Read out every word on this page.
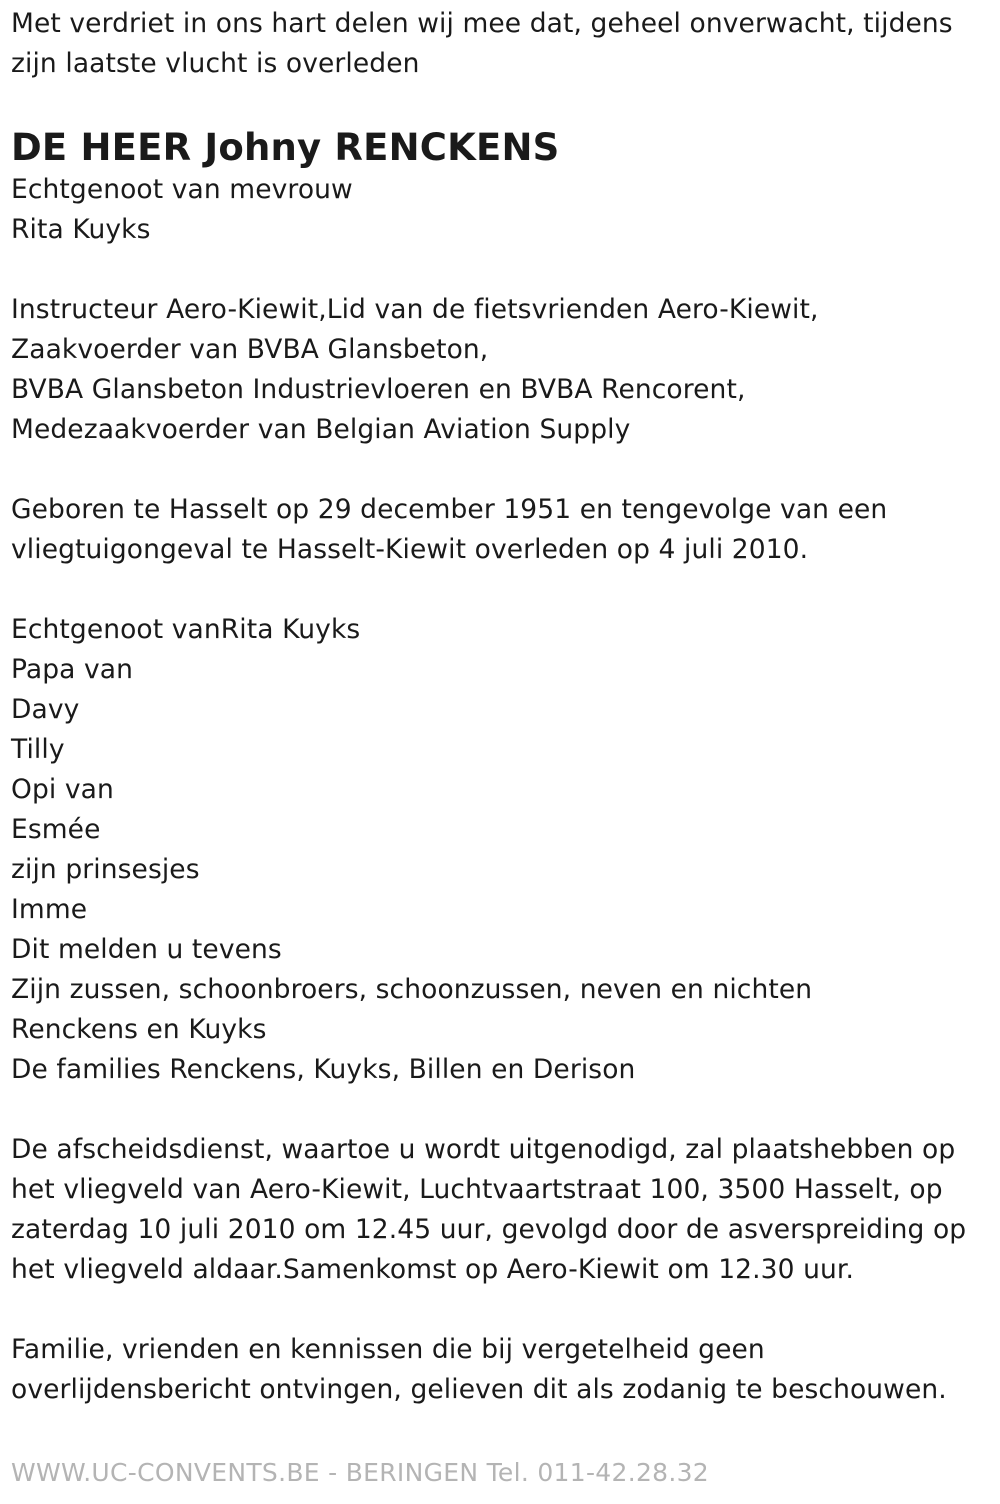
Met verdriet in ons hart delen wij mee dat, geheel onverwacht, tijdens
zijn laatste vlucht is overleden
DE HEER Johny RENCKENS
Echtgenoot van mevrouw
Rita Kuyks
Instructeur Aero-Kiewit,Lid van de fietsvrienden Aero-Kiewit,
Zaakvoerder van BVBA Glansbeton,
BVBA Glansbeton Industrievloeren en BVBA Rencorent,
Medezaakvoerder van Belgian Aviation Supply
Geboren te Hasselt op 29 december 1951 en tengevolge van een
vliegtuigongeval te Hasselt-Kiewit overleden op 4 juli 2010.
Echtgenoot vanRita Kuyks
Papa van
Davy
Tilly
Opi van
Esmée
zijn prinsesjes
Imme
Dit melden u tevens
Zijn zussen, schoonbroers, schoonzussen, neven en nichten
Renckens en Kuyks
De families Renckens, Kuyks, Billen en Derison
De afscheidsdienst, waartoe u wordt uitgenodigd, zal plaatshebben op
het vliegveld van Aero-Kiewit, Luchtvaartstraat 100, 3500 Hasselt, op
zaterdag 10 juli 2010 om 12.45 uur, gevolgd door de asverspreiding op
het vliegveld aldaar.Samenkomst op Aero-Kiewit om 12.30 uur.
Familie, vrienden en kennissen die bij vergetelheid geen
overlijdensbericht ontvingen, gelieven dit als zodanig te beschouwen.
WWW.UC-CONVENTS.BE - BERINGEN Tel. 011-42.28.32
